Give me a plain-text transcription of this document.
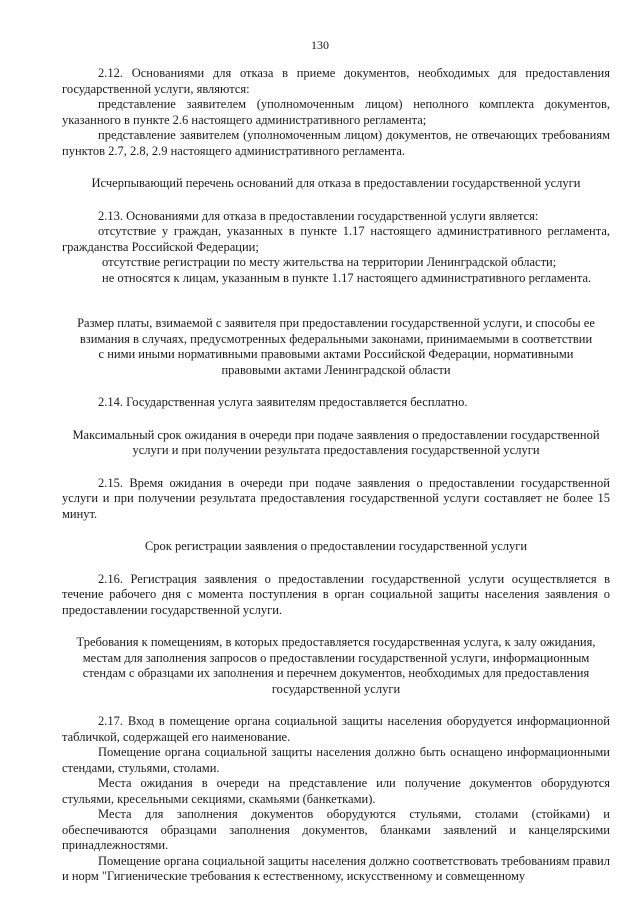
130

2.12. Основаниями для отказа в приеме документов, необходимых для предоставления государственной услуги, являются:

представление заявителем (уполномоченным лицом) неполного комплекта документов, указанного в пункте 2.6 настоящего административного регламента;

представление заявителем (уполномоченным лицом) документов, не отвечающих требованиям пунктов 2.7, 2.8, 2.9 настоящего административного регламента.

Исчерпывающий перечень оснований для отказа в предоставлении государственной услуги

2.13. Основаниями для отказа в предоставлении государственной услуги является:

отсутствие у граждан, указанных в пункте 1.17 настоящего административного регламента, гражданства Российской Федерации;

отсутствие регистрации по месту жительства на территории Ленинградской области;

не относятся к лицам, указанным в пункте 1.17 настоящего административного регламента.

Размер платы, взимаемой с заявителя при предоставлении государственной услуги, и способы ее взимания в случаях, предусмотренных федеральными законами, принимаемыми в соответствии с ними иными нормативными правовыми актами Российской Федерации, нормативными правовыми актами Ленинградской области

2.14. Государственная услуга заявителям предоставляется бесплатно.

Максимальный срок ожидания в очереди при подаче заявления о предоставлении государственной услуги и при получении результата предоставления государственной услуги

2.15. Время ожидания в очереди при подаче заявления о предоставлении государственной услуги и при получении результата предоставления государственной услуги составляет не более 15 минут.

Срок регистрации заявления о предоставлении государственной услуги

2.16. Регистрация заявления о предоставлении государственной услуги осуществляется в течение рабочего дня с момента поступления в орган социальной защиты населения заявления о предоставлении государственной услуги.

Требования к помещениям, в которых предоставляется государственная услуга, к залу ожидания, местам для заполнения запросов о предоставлении государственной услуги, информационным стендам с образцами их заполнения и перечнем документов, необходимых для предоставления государственной услуги

2.17. Вход в помещение органа социальной защиты населения оборудуется информационной табличкой, содержащей его наименование.

Помещение органа социальной защиты населения должно быть оснащено информационными стендами, стульями, столами.

Места ожидания в очереди на представление или получение документов оборудуются стульями, кресельными секциями, скамьями (банкетками).

Места для заполнения документов оборудуются стульями, столами (стойками) и обеспечиваются образцами заполнения документов, бланками заявлений и канцелярскими принадлежностями.

Помещение органа социальной защиты населения должно соответствовать требованиям правил и норм "Гигиенические требования к естественному, искусственному и совмещенному
